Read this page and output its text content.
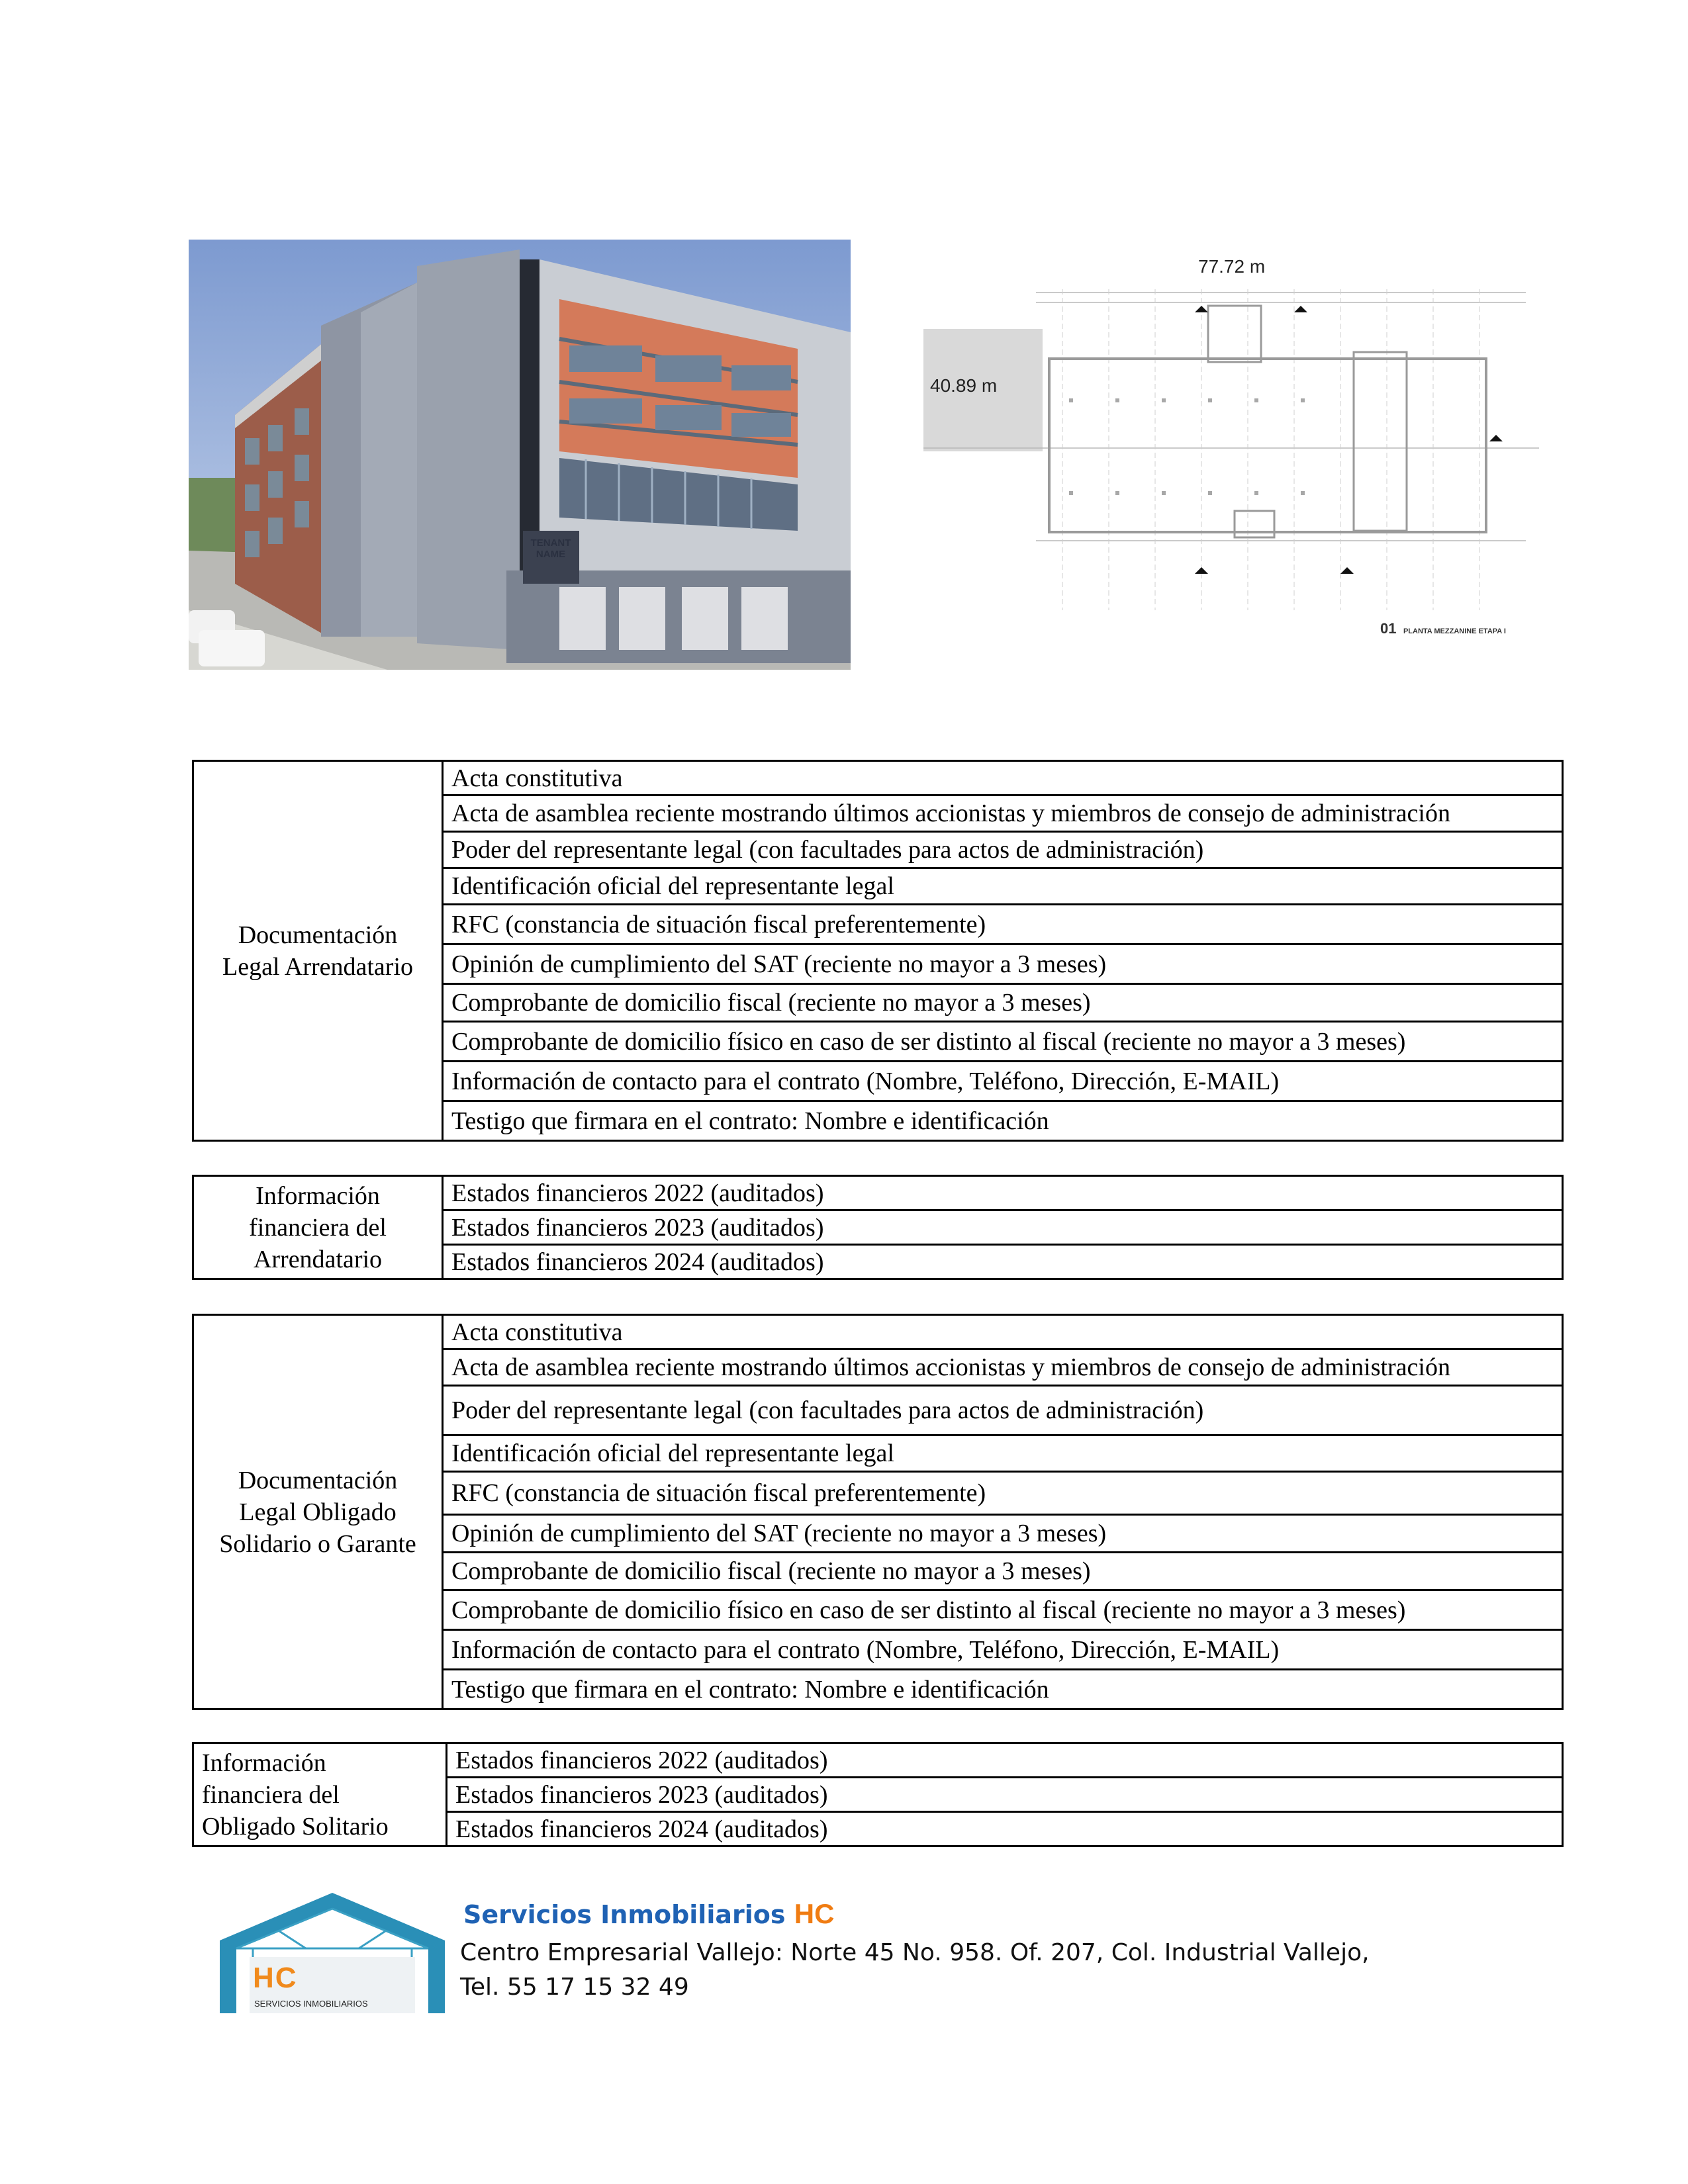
TENANT
NAME
77.72 m
40.89 m
01 PLANTA MEZZANINE ETAPA I
Documentación
Legal Arrendatario
	Acta constitutiva
Acta de asamblea reciente mostrando últimos accionistas y miembros de consejo de administración
Poder del representante legal (con facultades para actos de administración)
Identificación oficial del representante legal
RFC (constancia de situación fiscal preferentemente)
Opinión de cumplimiento del SAT (reciente no mayor a 3 meses)
Comprobante de domicilio fiscal (reciente no mayor a 3 meses)
Comprobante de domicilio físico en caso de ser distinto al fiscal (reciente no mayor a 3 meses)
Información de contacto para el contrato (Nombre, Teléfono, Dirección, E-MAIL)
Testigo que firmara en el contrato: Nombre e identificación
Información
financiera del
Arrendatario
	Estados financieros 2022 (auditados)
Estados financieros 2023 (auditados)
Estados financieros 2024 (auditados)
Documentación
Legal Obligado
Solidario o Garante
	Acta constitutiva
Acta de asamblea reciente mostrando últimos accionistas y miembros de consejo de administración
Poder del representante legal (con facultades para actos de administración)
Identificación oficial del representante legal
RFC (constancia de situación fiscal preferentemente)
Opinión de cumplimiento del SAT (reciente no mayor a 3 meses)
Comprobante de domicilio fiscal (reciente no mayor a 3 meses)
Comprobante de domicilio físico en caso de ser distinto al fiscal (reciente no mayor a 3 meses)
Información de contacto para el contrato (Nombre, Teléfono, Dirección, E-MAIL)
Testigo que firmara en el contrato: Nombre e identificación
Información
financiera del
Obligado Solitario
	Estados financieros 2022 (auditados)
Estados financieros 2023 (auditados)
Estados financieros 2024 (auditados)
HC
SERVICIOS INMOBILIARIOS
Servicios Inmobiliarios HC
Centro Empresarial Vallejo: Norte 45 No. 958. Of. 207, Col. Industrial Vallejo,
Tel. 55 17 15 32 49
